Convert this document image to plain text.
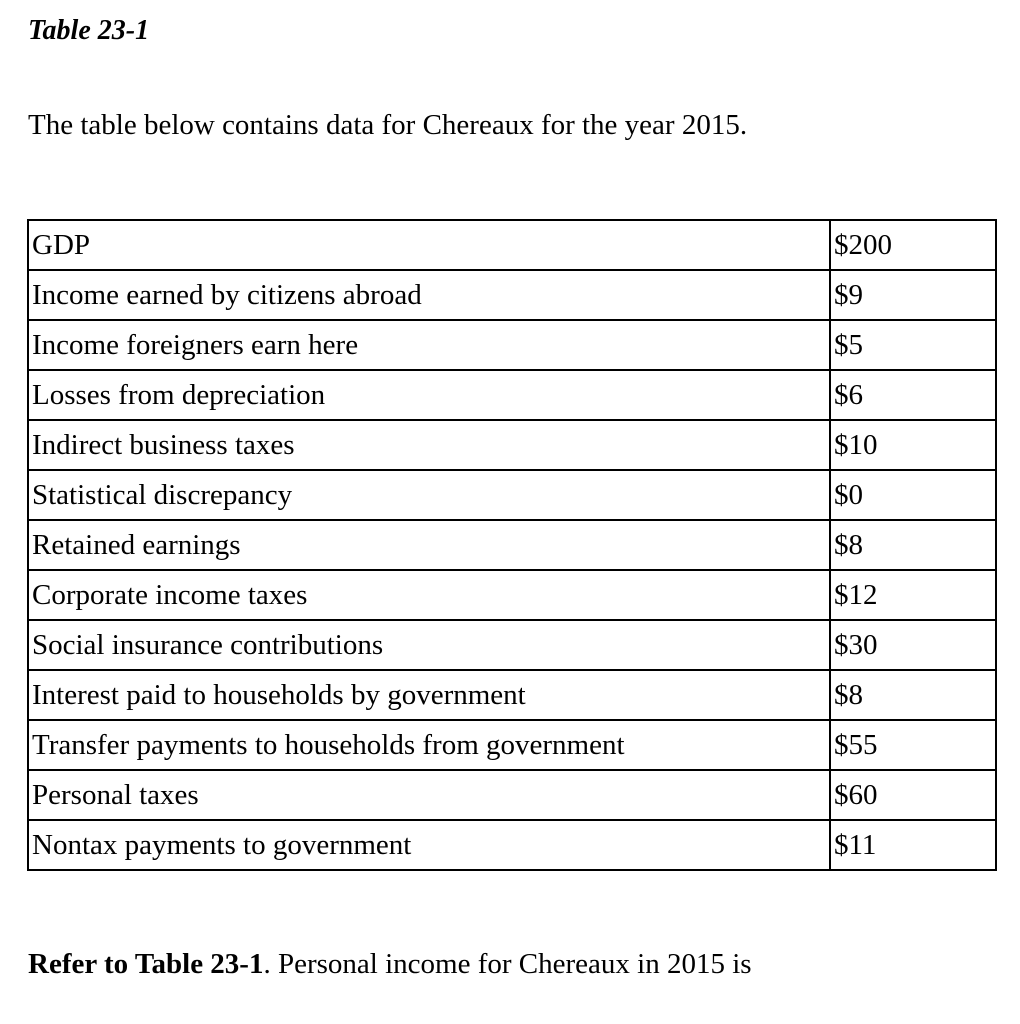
Table 23-1
The table below contains data for Chereaux for the year 2015.
GDP	$200
Income earned by citizens abroad	$9
Income foreigners earn here	$5
Losses from depreciation	$6
Indirect business taxes	$10
Statistical discrepancy	$0
Retained earnings	$8
Corporate income taxes	$12
Social insurance contributions	$30
Interest paid to households by government	$8
Transfer payments to households from government	$55
Personal taxes	$60
Nontax payments to government	$11
Refer to Table 23-1. Personal income for Chereaux in 2015 is
